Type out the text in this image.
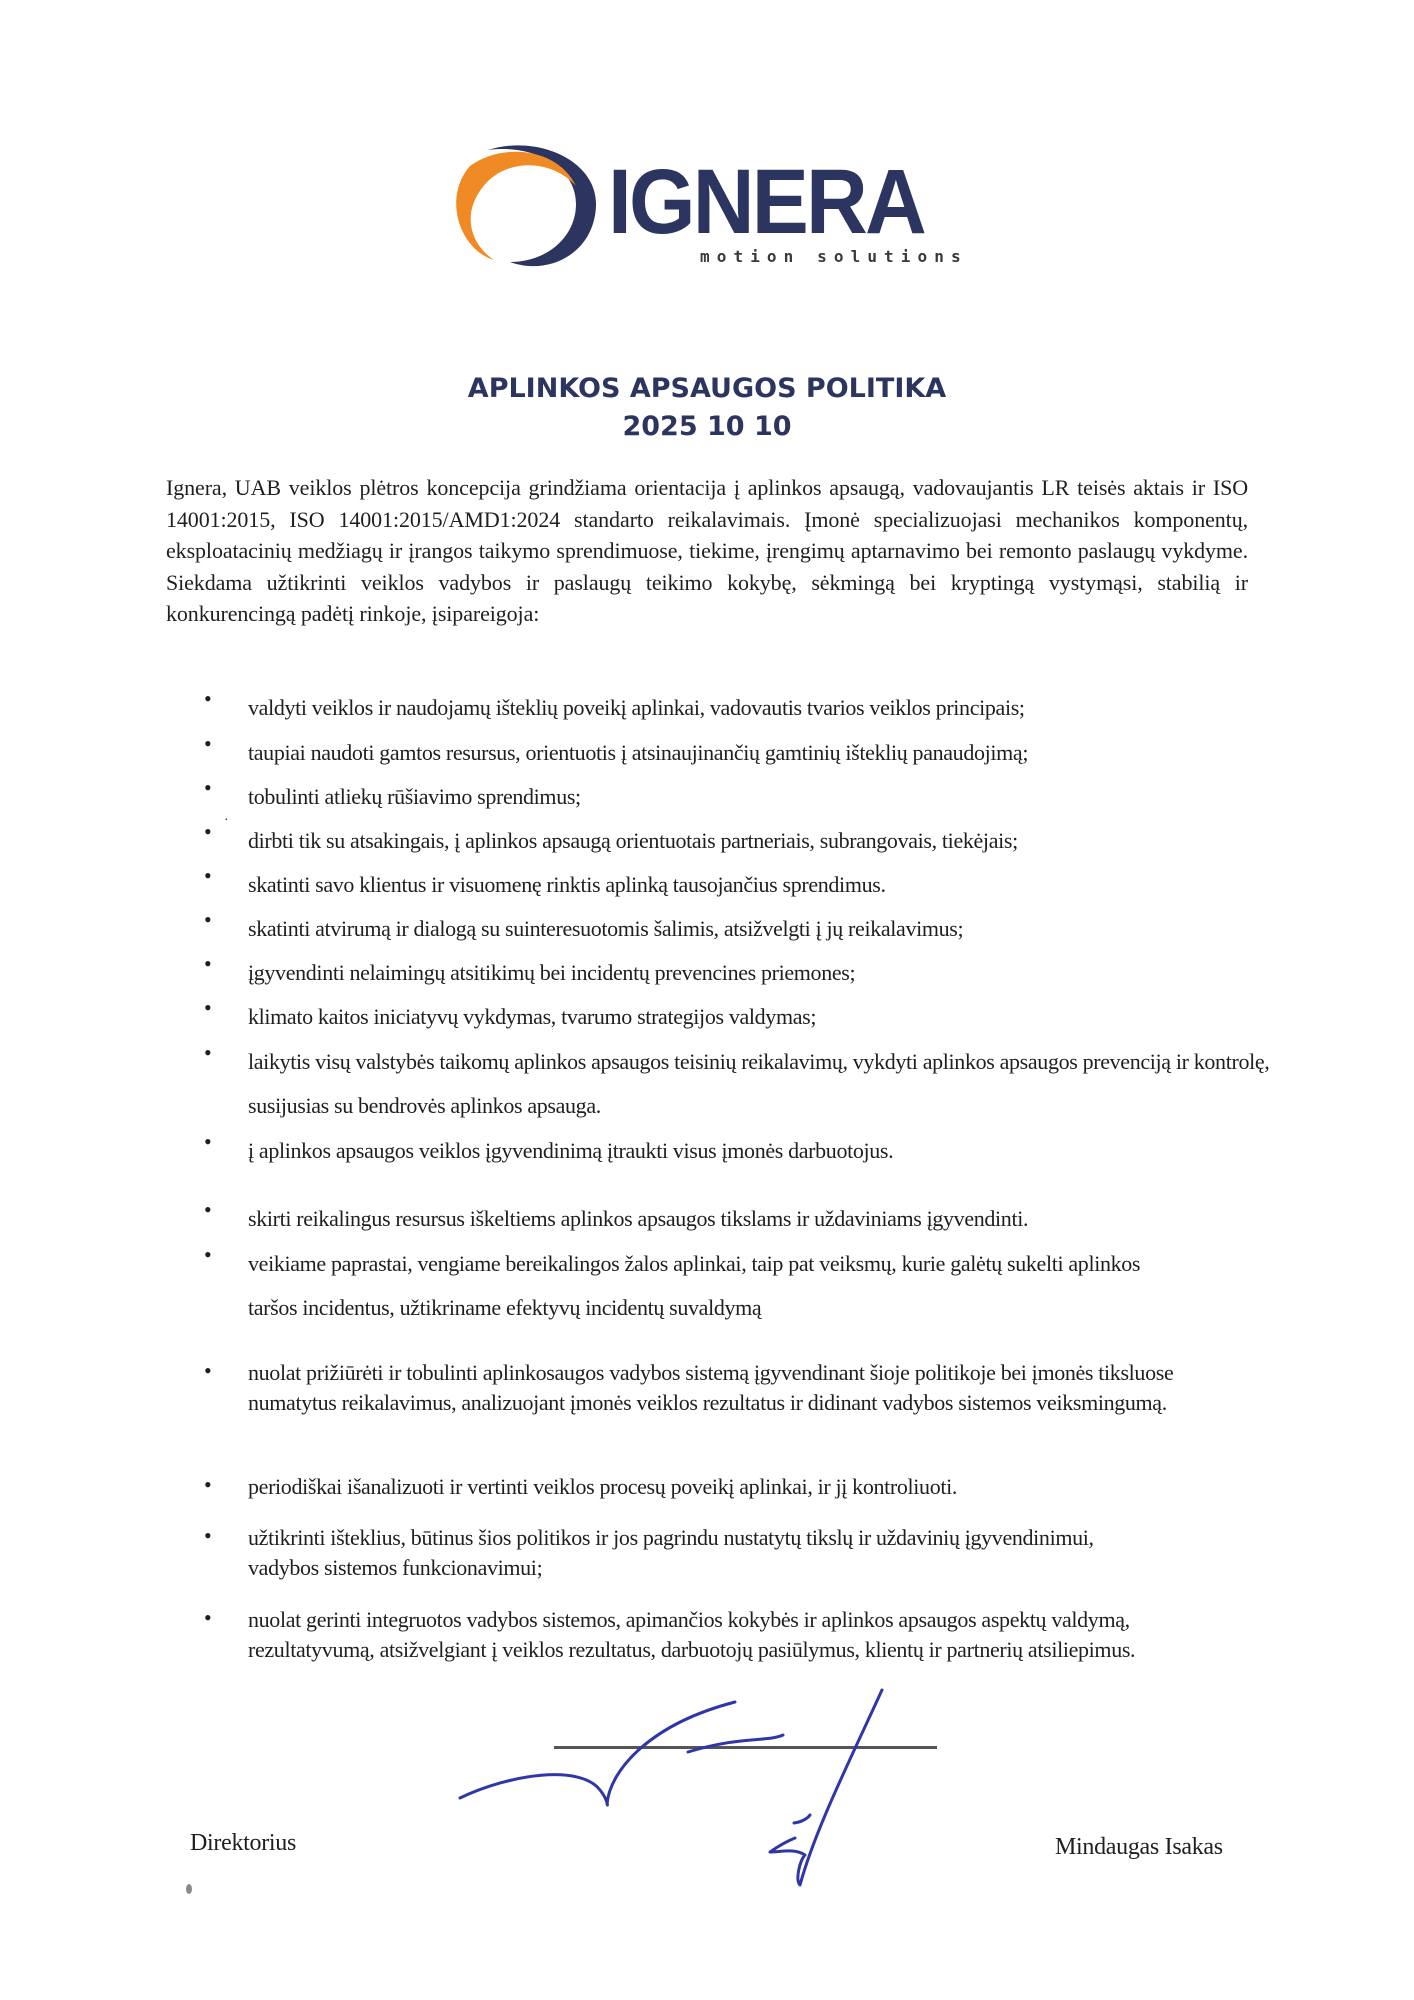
IGNERA
motion solutions
APLINKOS APSAUGOS POLITIKA
2025 10 10
Ignera, UAB veiklos plėtros koncepcija grindžiama orientacija į aplinkos apsaugą, vadovaujantis LR teisės aktais ir ISO 14001:2015, ISO 14001:2015/AMD1:2024 standarto reikalavimais. Įmonė specializuojasi mechanikos komponentų, eksploatacinių medžiagų ir įrangos taikymo sprendimuose, tiekime, įrengimų aptarnavimo bei remonto paslaugų vykdyme. Siekdama užtikrinti veiklos vadybos ir paslaugų teikimo kokybę, sėkmingą bei kryptingą vystymąsi, stabilią ir konkurencingą padėtį rinkoje, įsipareigoja:
•	valdyti veiklos ir naudojamų išteklių poveikį aplinkai, vadovautis tvarios veiklos principais;
•	taupiai naudoti gamtos resursus, orientuotis į atsinaujinančių gamtinių išteklių panaudojimą;
•	tobulinti atliekų rūšiavimo sprendimus;
• ·
dirbti tik su atsakingais, į aplinkos apsaugą orientuotais partneriais, subrangovais, tiekėjais;
•	skatinti savo klientus ir visuomenę rinktis aplinką tausojančius sprendimus.
•	skatinti atvirumą ir dialogą su suinteresuotomis šalimis, atsižvelgti į jų reikalavimus;
•	įgyvendinti nelaimingų atsitikimų bei incidentų prevencines priemones;
•	klimato kaitos iniciatyvų vykdymas, tvarumo strategijos valdymas;
•	laikytis visų valstybės taikomų aplinkos apsaugos teisinių reikalavimų, vykdyti aplinkos apsaugos prevenciją ir kontrolę, susijusias su bendrovės aplinkos apsauga.
•	į aplinkos apsaugos veiklos įgyvendinimą įtraukti visus įmonės darbuotojus.
•	skirti reikalingus resursus iškeltiems aplinkos apsaugos tikslams ir uždaviniams įgyvendinti.
•	veikiame paprastai, vengiame bereikalingos žalos aplinkai, taip pat veiksmų, kurie galėtų sukelti aplinkos taršos incidentus, užtikriname efektyvų incidentų suvaldymą
•	nuolat prižiūrėti ir tobulinti aplinkosaugos vadybos sistemą įgyvendinant šioje politikoje bei įmonės tiksluose numatytus reikalavimus, analizuojant įmonės veiklos rezultatus ir didinant vadybos sistemos veiksmingumą.
•	periodiškai išanalizuoti ir vertinti veiklos procesų poveikį aplinkai, ir jį kontroliuoti.
•	užtikrinti išteklius, būtinus šios politikos ir jos pagrindu nustatytų tikslų ir uždavinių įgyvendinimui, vadybos sistemos funkcionavimui;
•	nuolat gerinti integruotos vadybos sistemos, apimančios kokybės ir aplinkos apsaugos aspektų valdymą, rezultatyvumą, atsižvelgiant į veiklos rezultatus, darbuotojų pasiūlymus, klientų ir partnerių atsiliepimus.
Direktorius	Mindaugas Isakas
